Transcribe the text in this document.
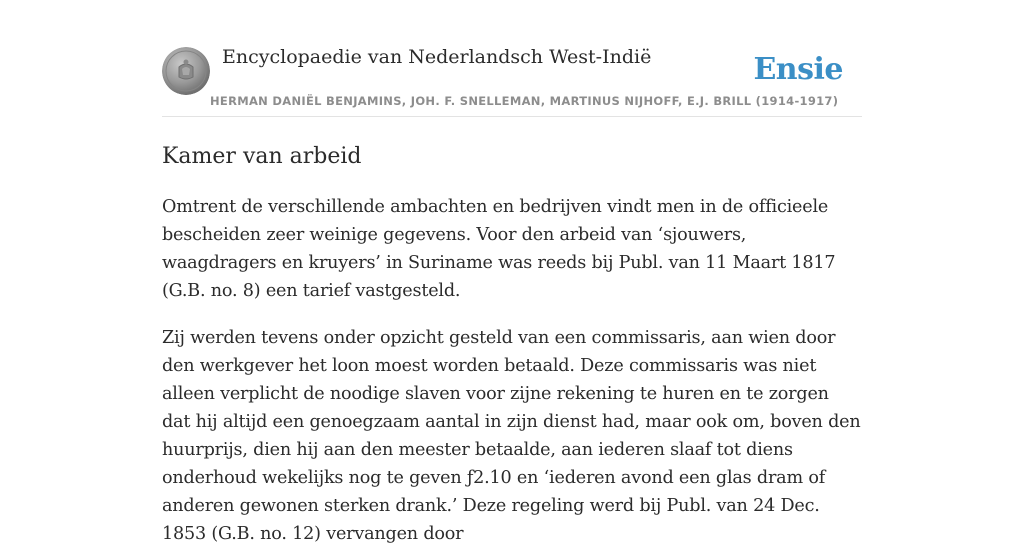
Encyclopaedie van Nederlandsch West-Indië	Ensie
HERMAN DANIËL BENJAMINS, JOH. F. SNELLEMAN, MARTINUS NIJHOFF, E.J. BRILL (1914-1917)
Kamer van arbeid

Omtrent de verschillende ambachten en bedrijven vindt men in de officieele bescheiden zeer weinige gegevens. Voor den arbeid van ‘sjouwers, waagdragers en kruyers’ in Suriname was reeds bij Publ. van 11 Maart 1817 (G.B. no. 8) een tarief vastgesteld.

Zij werden tevens onder opzicht gesteld van een commissaris, aan wien door den werkgever het loon moest worden betaald. Deze commissaris was niet alleen verplicht de noodige slaven voor zijne rekening te huren en te zorgen dat hij altijd een genoegzaam aantal in zijn dienst had, maar ook om, boven den huurprijs, dien hij aan den meester betaalde, aan iederen slaaf tot diens onderhoud wekelijks nog te geven ƒ2.10 en ‘iederen avond een glas dram of anderen gewonen sterken drank.’ Deze regeling werd bij Publ. van 24 Dec. 1853 (G.B. no. 12) vervangen door
